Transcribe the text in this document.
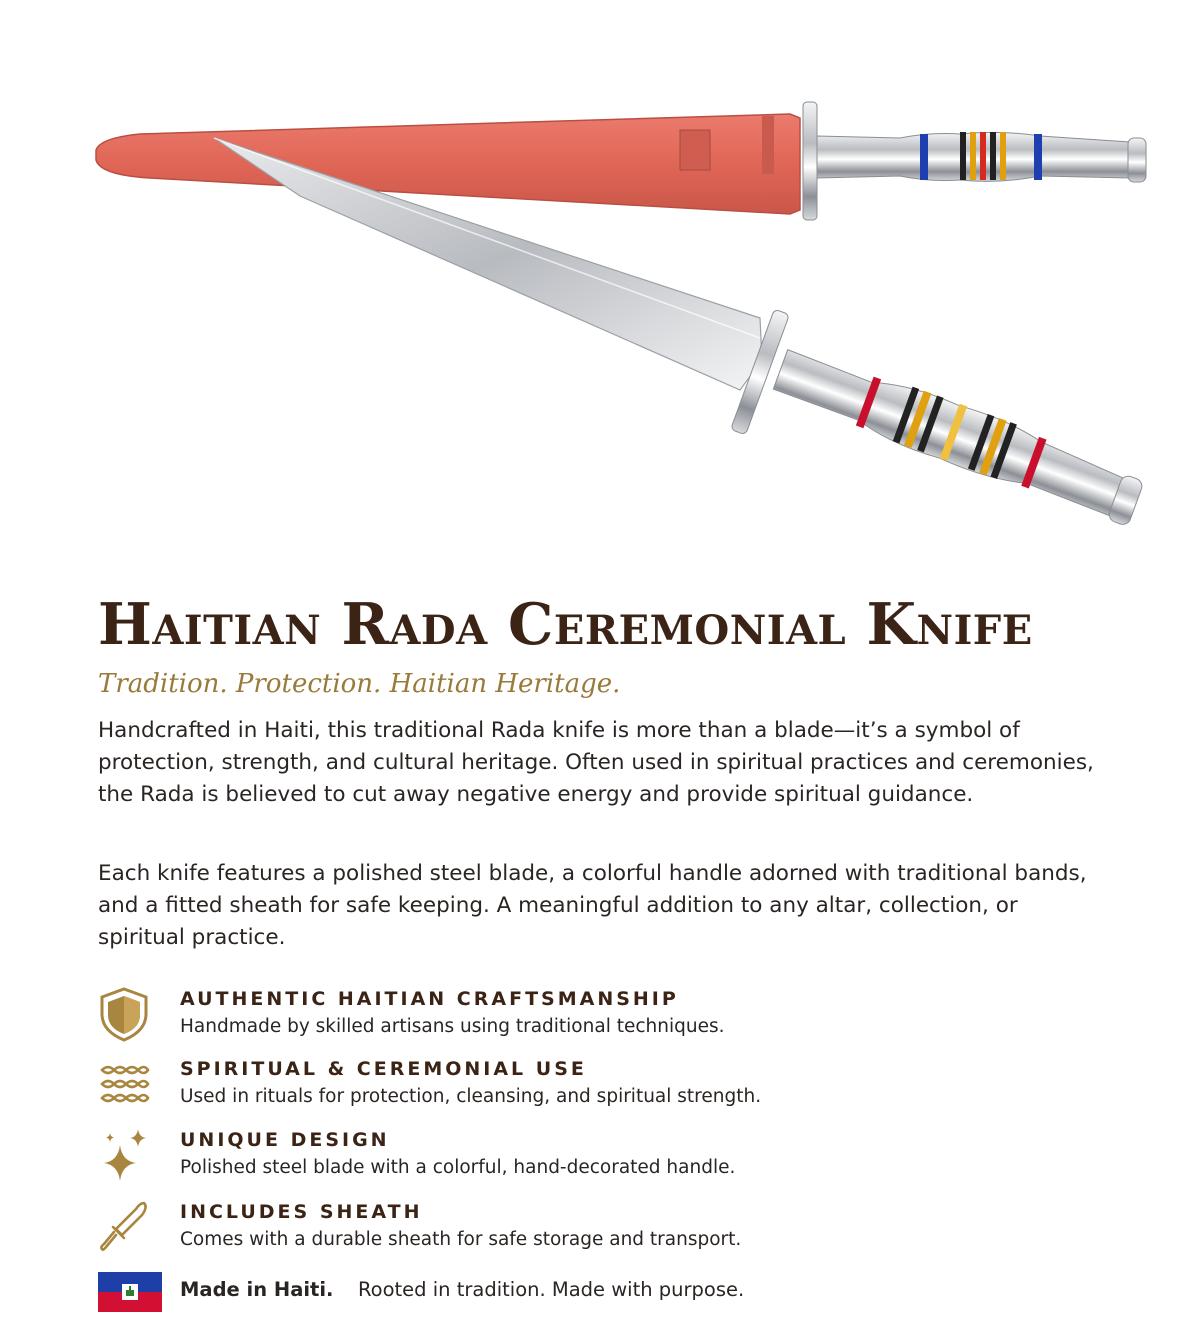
Haitian Rada Ceremonial Knife
Tradition. Protection. Haitian Heritage.

Handcrafted in Haiti, this traditional Rada knife is more than a blade—it’s a symbol of protection, strength, and cultural heritage. Often used in spiritual practices and ceremonies, the Rada is believed to cut away negative energy and provide spiritual guidance.

Each knife features a polished steel blade, a colorful handle adorned with traditional bands, and a fitted sheath for safe keeping. A meaningful addition to any altar, collection, or spiritual practice.

AUTHENTIC HAITIAN CRAFTSMANSHIP
Handmade by skilled artisans using traditional techniques.
SPIRITUAL & CEREMONIAL USE
Used in rituals for protection, cleansing, and spiritual strength.
UNIQUE DESIGN
Polished steel blade with a colorful, hand-decorated handle.
INCLUDES SHEATH
Comes with a durable sheath for safe storage and transport.
Made in Haiti. Rooted in tradition. Made with purpose.
